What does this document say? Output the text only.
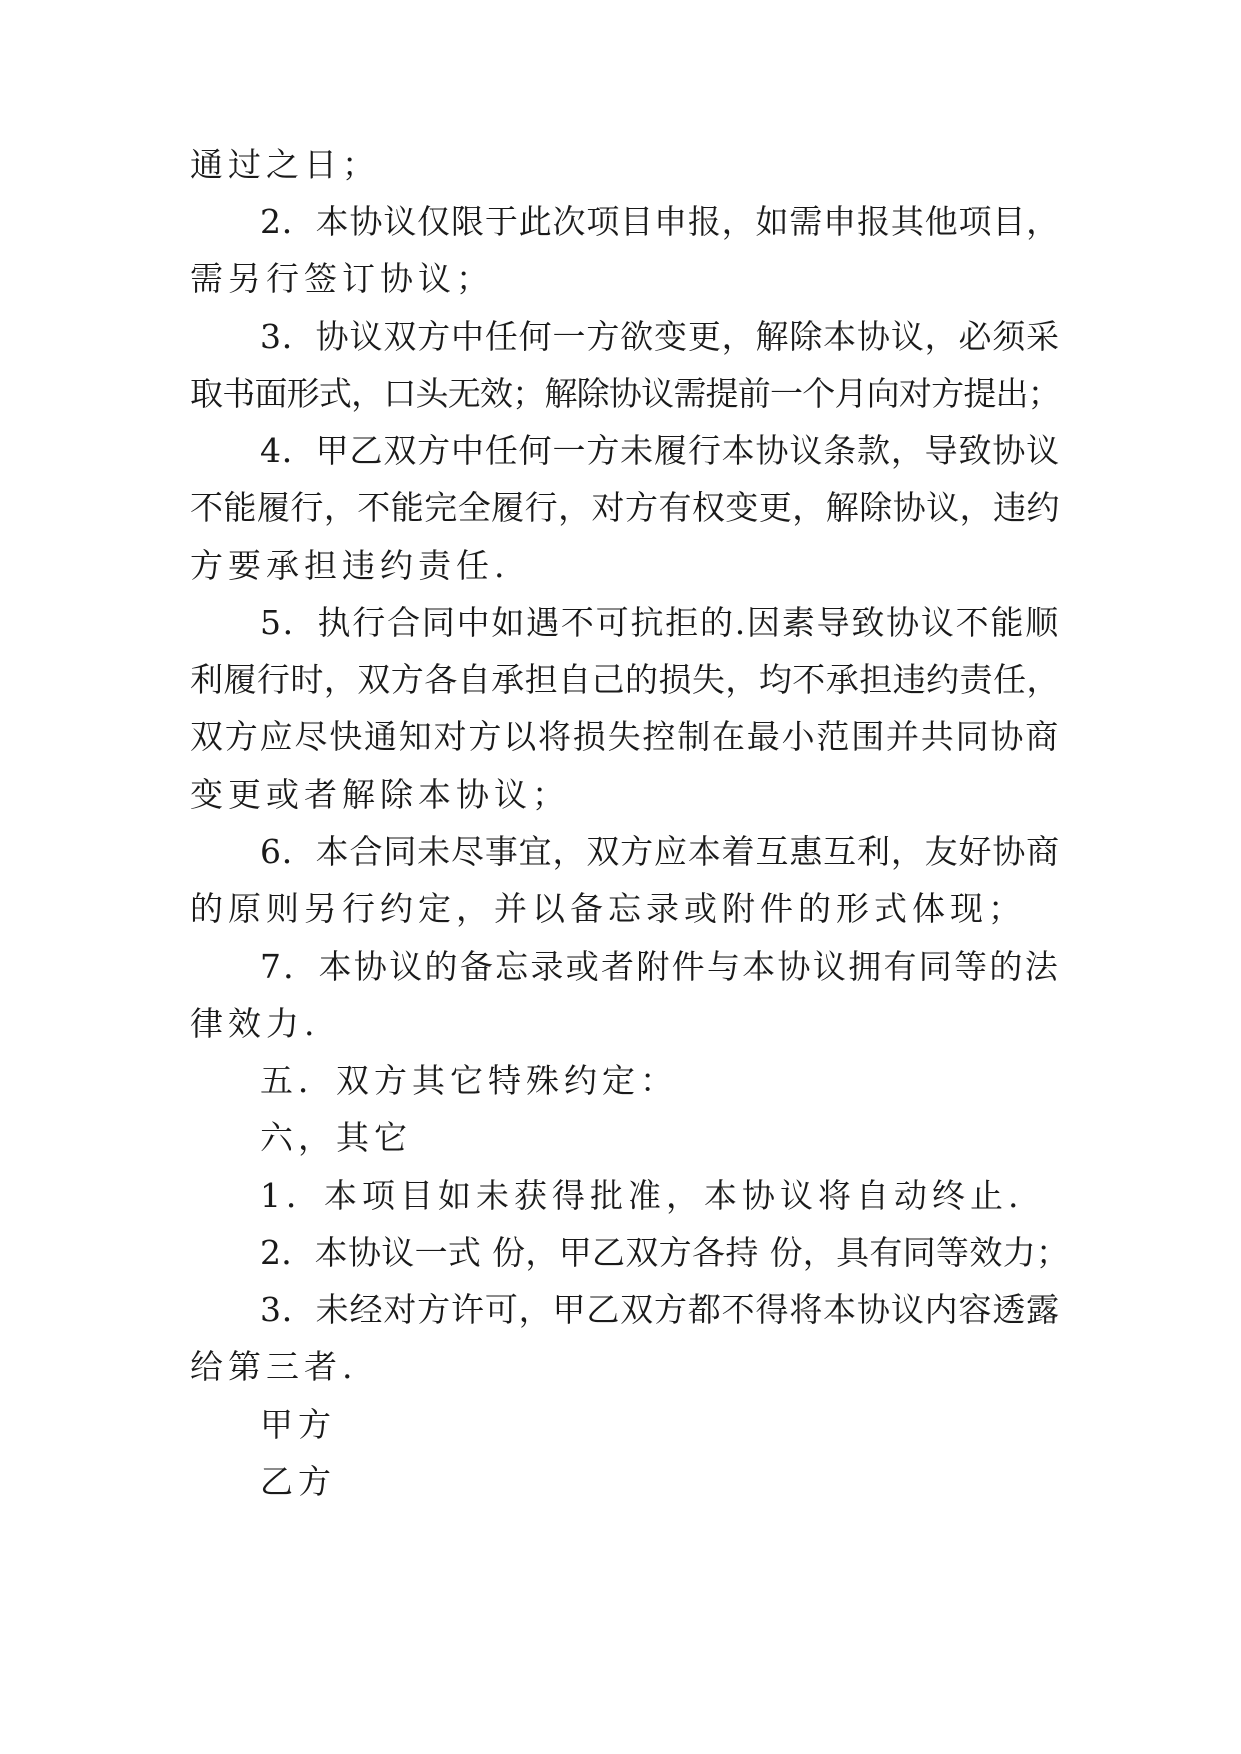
通过之日；

2．本协议仅限于此次项目申报，如需申报其他项目，

需另行签订协议；

3．协议双方中任何一方欲变更，解除本协议，必须采

取书面形式，口头无效；解除协议需提前一个月向对方提出；

4．甲乙双方中任何一方未履行本协议条款，导致协议

不能履行，不能完全履行，对方有权变更，解除协议，违约

方要承担违约责任.

5．执行合同中如遇不可抗拒的.因素导致协议不能顺

利履行时，双方各自承担自己的损失，均不承担违约责任，

双方应尽快通知对方以将损失控制在最小范围并共同协商

变更或者解除本协议；

6．本合同未尽事宜，双方应本着互惠互利，友好协商

的原则另行约定，并以备忘录或附件的形式体现；

7．本协议的备忘录或者附件与本协议拥有同等的法

律效力.

五．双方其它特殊约定：

六，其它

1．本项目如未获得批准，本协议将自动终止.

2．本协议一式 份，甲乙双方各持 份，具有同等效力；

3．未经对方许可，甲乙双方都不得将本协议内容透露

给第三者.

甲方

乙方
